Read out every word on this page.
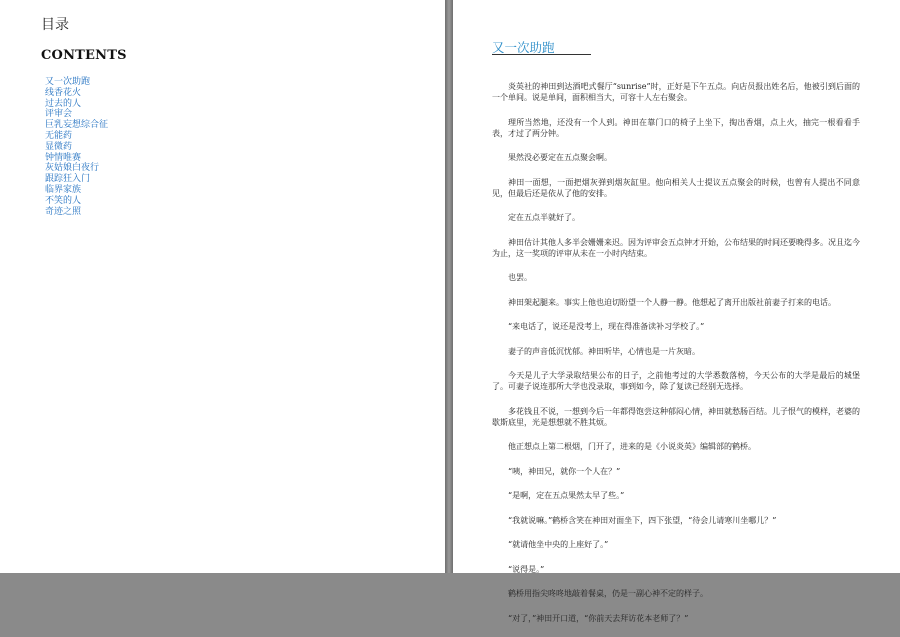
目录
CONTENTS
又一次助跑
线香花火
过去的人
评审会
巨乳妄想综合征
无能药
显微药
钟情唯赛
灰姑娘白夜行
跟踪狂入门
临界家族
不笑的人
奇迹之照
又一次助跑

炎英社的神田到达酒吧式餐厅“sunrise”时，正好是下午五点。向店员报出姓名后，他被引到后面的一个单间。说是单间，面积相当大，可容十人左右聚会。

理所当然地，还没有一个人到。神田在靠门口的椅子上坐下，掏出香烟，点上火，抽完一根看看手表，才过了两分钟。

果然没必要定在五点聚会啊。

神田一面想，一面把烟灰弹到烟灰缸里。他向相关人士提议五点聚会的时候，也曾有人提出不同意见，但最后还是依从了他的安排。

定在五点半就好了。

神田估计其他人多半会姗姗来迟。因为评审会五点钟才开始，公布结果的时间还要晚得多。况且迄今为止，这一奖项的评审从未在一小时内结束。

也罢。

神田架起腿来。事实上他也迫切盼望一个人静一静。他想起了离开出版社前妻子打来的电话。

“来电话了，说还是没考上，现在得准备读补习学校了。”

妻子的声音低沉忧郁。神田听毕，心情也是一片灰暗。

今天是儿子大学录取结果公布的日子，之前他考过的大学悉数落榜，今天公布的大学是最后的城堡了。可妻子说连那所大学也没录取，事到如今，除了复读已经别无选择。

多花钱且不说，一想到今后一年都得饱尝这种郁闷心情，神田就愁肠百结。儿子恨气的模样，老婆的歇斯底里，光是想想就不胜其烦。

他正想点上第二根烟，门开了，进来的是《小说炎英》编辑部的鹤桥。

“咦，神田兄，就你一个人在？”

“是啊，定在五点果然太早了些。”

“我就说嘛。”鹤桥含笑在神田对面坐下，四下张望，“待会儿请寒川坐哪儿？”

“就请他坐中央的上座好了。”

“说得是。”

鹤桥用指尖咚咚地敲着餐桌，仍是一副心神不定的样子。

“对了，”神田开口道，“你前天去拜访花本老师了？”
